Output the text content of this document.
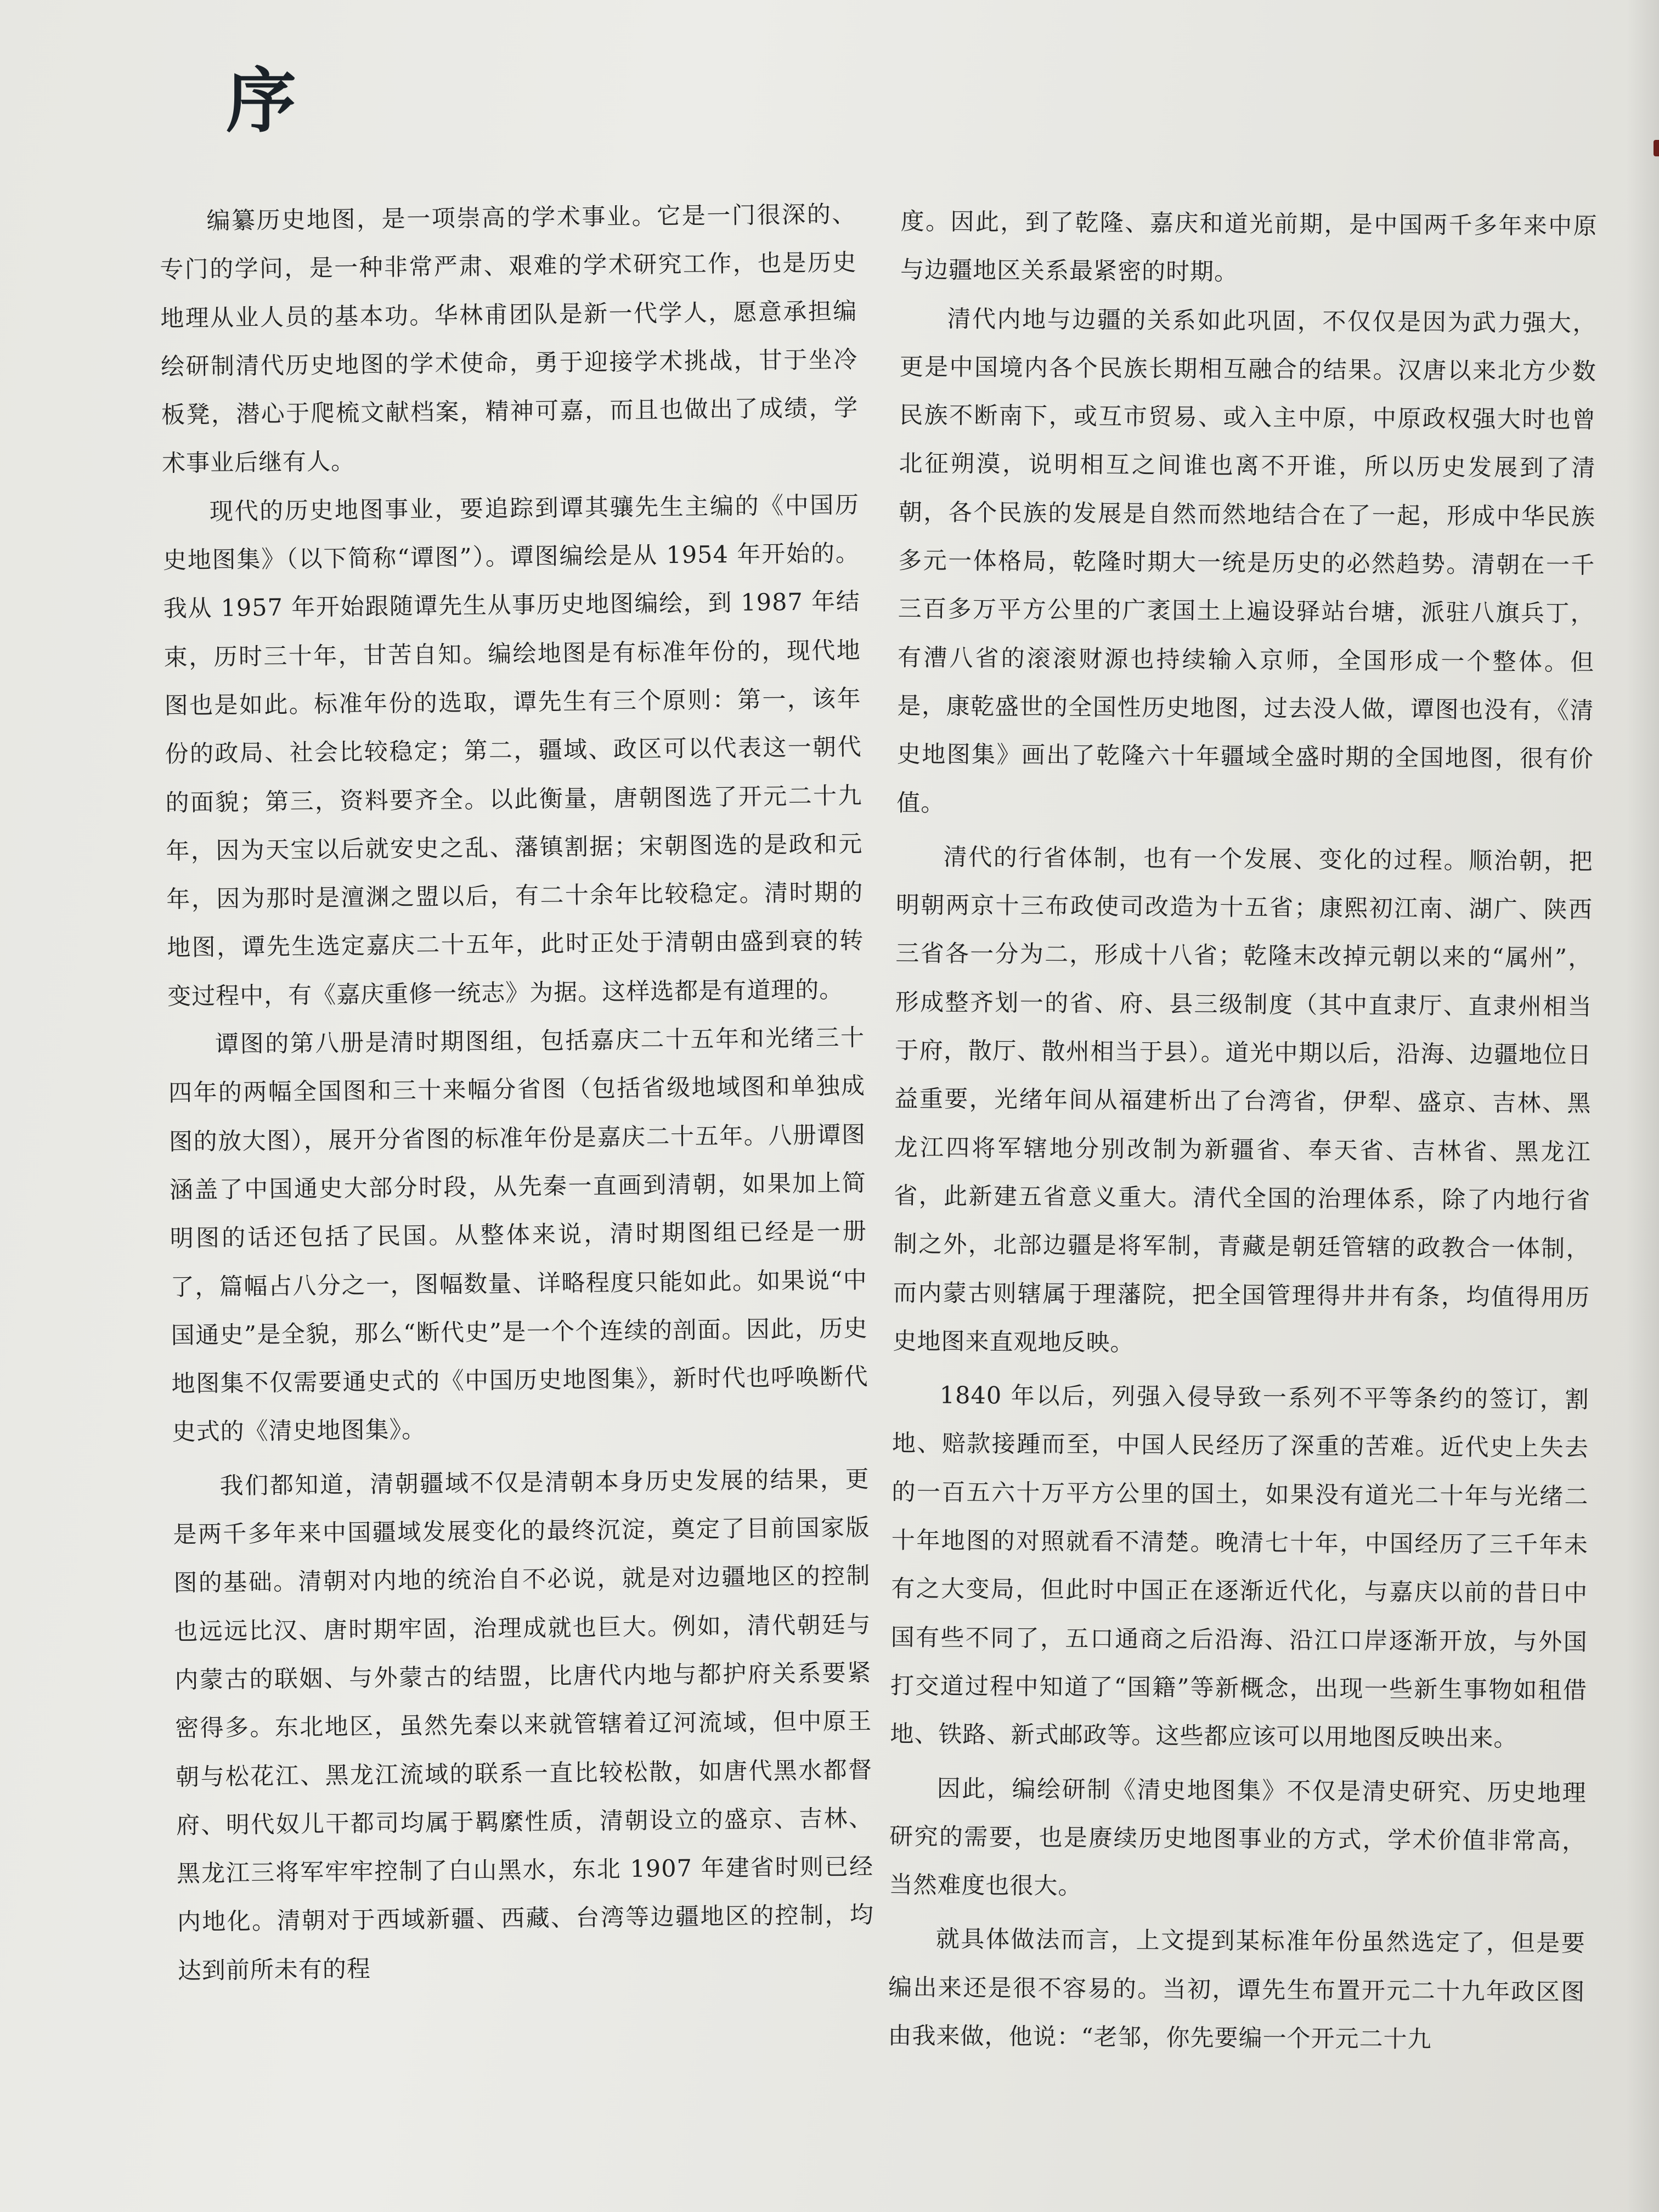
序

编纂历史地图，是一项崇高的学术事业。它是一门很深的、专门的学问，是一种非常严肃、艰难的学术研究工作，也是历史地理从业人员的基本功。华林甫团队是新一代学人，愿意承担编绘研制清代历史地图的学术使命，勇于迎接学术挑战，甘于坐冷板凳，潜心于爬梳文献档案，精神可嘉，而且也做出了成绩，学术事业后继有人。

现代的历史地图事业，要追踪到谭其骧先生主编的《中国历史地图集》（以下简称“谭图”）。谭图编绘是从 1954 年开始的。我从 1957 年开始跟随谭先生从事历史地图编绘，到 1987 年结束，历时三十年，甘苦自知。编绘地图是有标准年份的，现代地图也是如此。标准年份的选取，谭先生有三个原则：第一，该年份的政局、社会比较稳定；第二，疆域、政区可以代表这一朝代的面貌；第三，资料要齐全。以此衡量，唐朝图选了开元二十九年，因为天宝以后就安史之乱、藩镇割据；宋朝图选的是政和元年，因为那时是澶渊之盟以后，有二十余年比较稳定。清时期的地图，谭先生选定嘉庆二十五年，此时正处于清朝由盛到衰的转变过程中，有《嘉庆重修一统志》为据。这样选都是有道理的。

谭图的第八册是清时期图组，包括嘉庆二十五年和光绪三十四年的两幅全国图和三十来幅分省图（包括省级地域图和单独成图的放大图），展开分省图的标准年份是嘉庆二十五年。八册谭图涵盖了中国通史大部分时段，从先秦一直画到清朝，如果加上简明图的话还包括了民国。从整体来说，清时期图组已经是一册了，篇幅占八分之一，图幅数量、详略程度只能如此。如果说“中国通史”是全貌，那么“断代史”是一个个连续的剖面。因此，历史地图集不仅需要通史式的《中国历史地图集》，新时代也呼唤断代史式的《清史地图集》。

我们都知道，清朝疆域不仅是清朝本身历史发展的结果，更是两千多年来中国疆域发展变化的最终沉淀，奠定了目前国家版图的基础。清朝对内地的统治自不必说，就是对边疆地区的控制也远远比汉、唐时期牢固，治理成就也巨大。例如，清代朝廷与内蒙古的联姻、与外蒙古的结盟，比唐代内地与都护府关系要紧密得多。东北地区，虽然先秦以来就管辖着辽河流域，但中原王朝与松花江、黑龙江流域的联系一直比较松散，如唐代黑水都督府、明代奴儿干都司均属于羁縻性质，清朝设立的盛京、吉林、黑龙江三将军牢牢控制了白山黑水，东北 1907 年建省时则已经内地化。清朝对于西域新疆、西藏、台湾等边疆地区的控制，均达到前所未有的程

度。因此，到了乾隆、嘉庆和道光前期，是中国两千多年来中原与边疆地区关系最紧密的时期。

清代内地与边疆的关系如此巩固，不仅仅是因为武力强大，更是中国境内各个民族长期相互融合的结果。汉唐以来北方少数民族不断南下，或互市贸易、或入主中原，中原政权强大时也曾北征朔漠，说明相互之间谁也离不开谁，所以历史发展到了清朝，各个民族的发展是自然而然地结合在了一起，形成中华民族多元一体格局，乾隆时期大一统是历史的必然趋势。清朝在一千三百多万平方公里的广袤国土上遍设驿站台塘，派驻八旗兵丁，有漕八省的滚滚财源也持续输入京师，全国形成一个整体。但是，康乾盛世的全国性历史地图，过去没人做，谭图也没有，《清史地图集》画出了乾隆六十年疆域全盛时期的全国地图，很有价值。

清代的行省体制，也有一个发展、变化的过程。顺治朝，把明朝两京十三布政使司改造为十五省；康熙初江南、湖广、陕西三省各一分为二，形成十八省；乾隆末改掉元朝以来的“属州”，形成整齐划一的省、府、县三级制度（其中直隶厅、直隶州相当于府，散厅、散州相当于县）。道光中期以后，沿海、边疆地位日益重要，光绪年间从福建析出了台湾省，伊犁、盛京、吉林、黑龙江四将军辖地分别改制为新疆省、奉天省、吉林省、黑龙江省，此新建五省意义重大。清代全国的治理体系，除了内地行省制之外，北部边疆是将军制，青藏是朝廷管辖的政教合一体制，而内蒙古则辖属于理藩院，把全国管理得井井有条，均值得用历史地图来直观地反映。

1840 年以后，列强入侵导致一系列不平等条约的签订，割地、赔款接踵而至，中国人民经历了深重的苦难。近代史上失去的一百五六十万平方公里的国土，如果没有道光二十年与光绪二十年地图的对照就看不清楚。晚清七十年，中国经历了三千年未有之大变局，但此时中国正在逐渐近代化，与嘉庆以前的昔日中国有些不同了，五口通商之后沿海、沿江口岸逐渐开放，与外国打交道过程中知道了“国籍”等新概念，出现一些新生事物如租借地、铁路、新式邮政等。这些都应该可以用地图反映出来。

因此，编绘研制《清史地图集》不仅是清史研究、历史地理研究的需要，也是赓续历史地图事业的方式，学术价值非常高，当然难度也很大。

就具体做法而言，上文提到某标准年份虽然选定了，但是要编出来还是很不容易的。当初，谭先生布置开元二十九年政区图由我来做，他说：“老邹，你先要编一个开元二十九
